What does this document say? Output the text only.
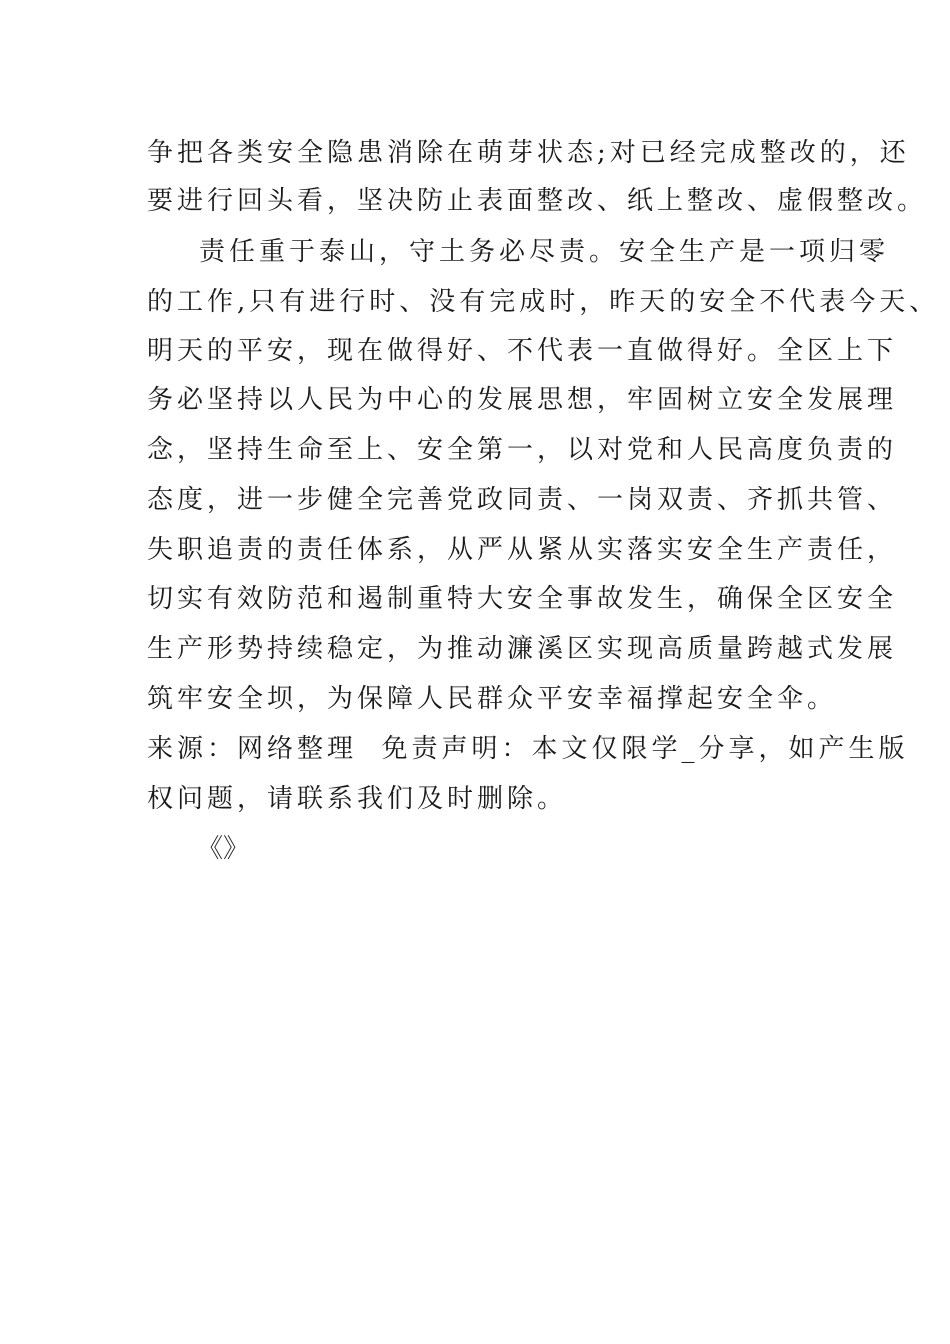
争把各类安全隐患消除在萌芽状态;对已经完成整改的，还
要进行回头看，坚决防止表面整改、纸上整改、虚假整改。
责任重于泰山，守土务必尽责。安全生产是一项归零
的工作,只有进行时、没有完成时，昨天的安全不代表今天、
明天的平安，现在做得好、不代表一直做得好。全区上下
务必坚持以人民为中心的发展思想，牢固树立安全发展理
念，坚持生命至上、安全第一，以对党和人民高度负责的
态度，进一步健全完善党政同责、一岗双责、齐抓共管、
失职追责的责任体系，从严从紧从实落实安全生产责任，
切实有效防范和遏制重特大安全事故发生，确保全区安全
生产形势持续稳定，为推动濂溪区实现高质量跨越式发展
筑牢安全坝，为保障人民群众平安幸福撑起安全伞。
来源：网络整理  免责声明：本文仅限学_分享，如产生版
权问题，请联系我们及时删除。
《》
